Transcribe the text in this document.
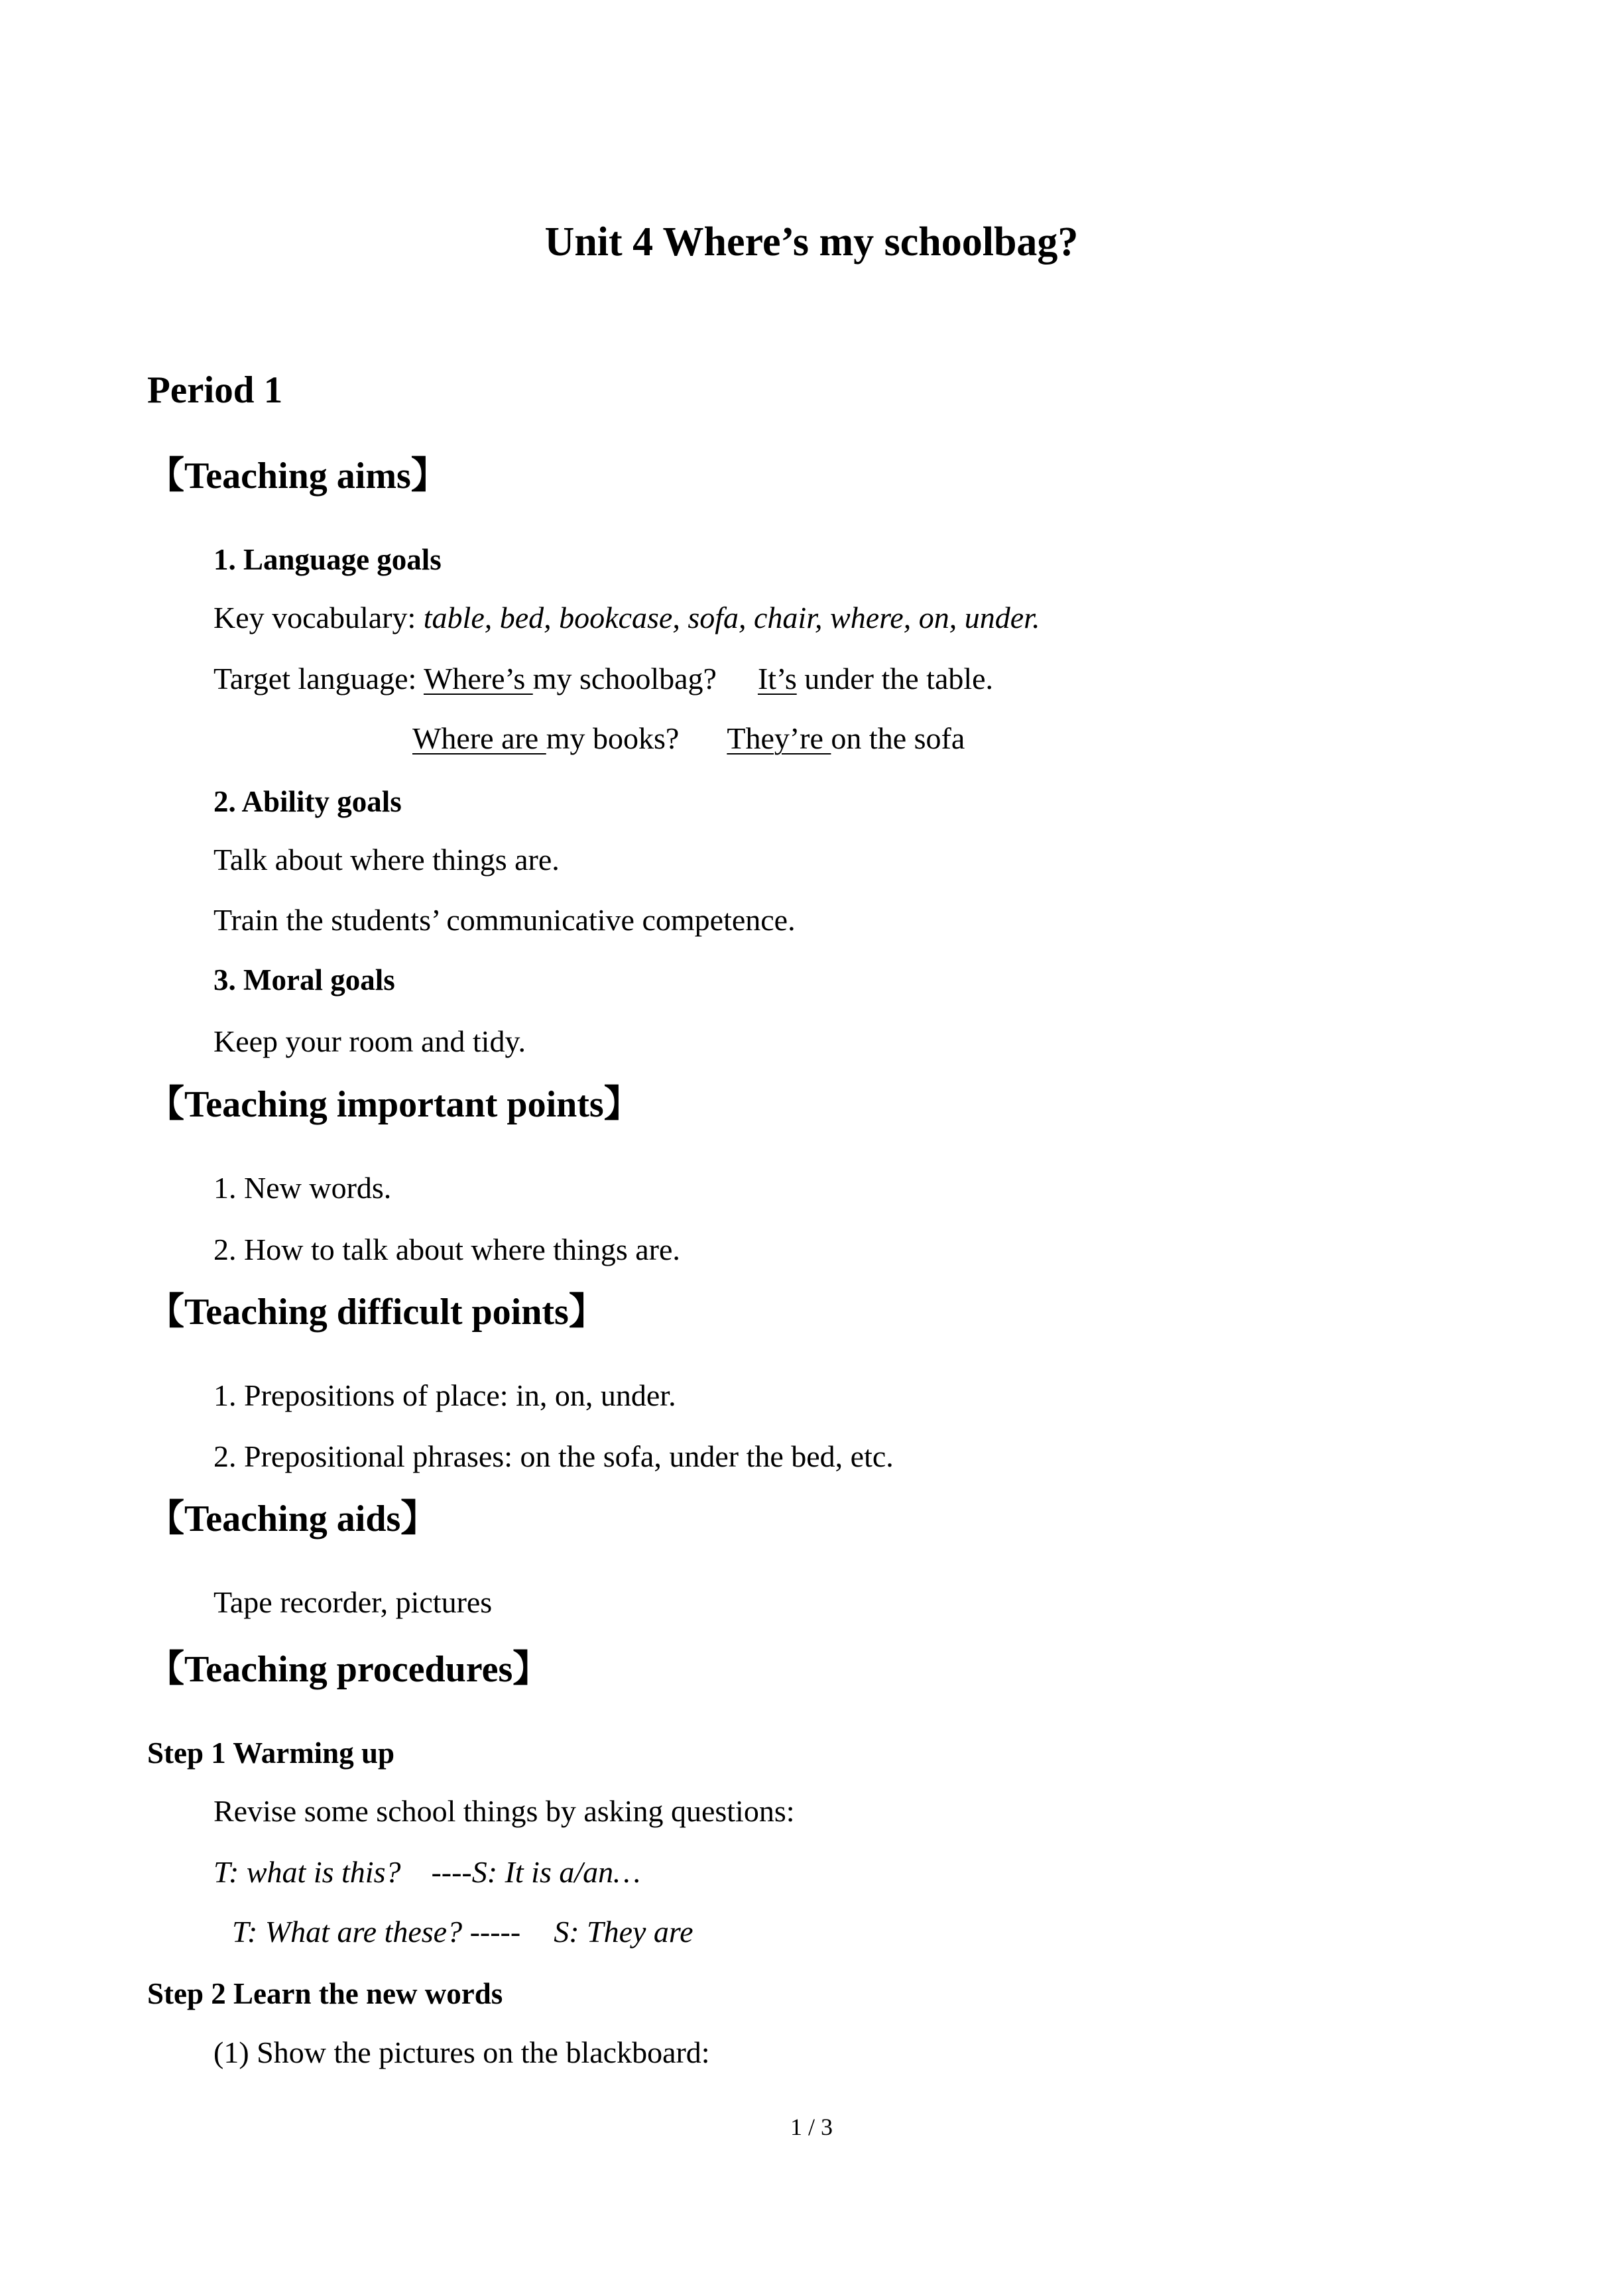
Unit 4 Where’s my schoolbag?
Period 1
【Teaching aims】
1. Language goals
Key vocabulary: table, bed, bookcase, sofa, chair, where, on, under.
Target language: Where’s my schoolbag? It’s under the table.
Where are my books? They’re on the sofa
2. Ability goals
Talk about where things are.
Train the students’ communicative competence.
3. Moral goals
Keep your room and tidy.
【Teaching important points】
1. New words.
2. How to talk about where things are.
【Teaching difficult points】
1. Prepositions of place: in, on, under.
2. Prepositional phrases: on the sofa, under the bed, etc.
【Teaching aids】
Tape recorder, pictures
【Teaching procedures】
Step 1 Warming up
Revise some school things by asking questions:
T: what is this? ----S: It is a/an…
T: What are these? ----- S: They are
Step 2 Learn the new words
(1) Show the pictures on the blackboard:
1 / 3
